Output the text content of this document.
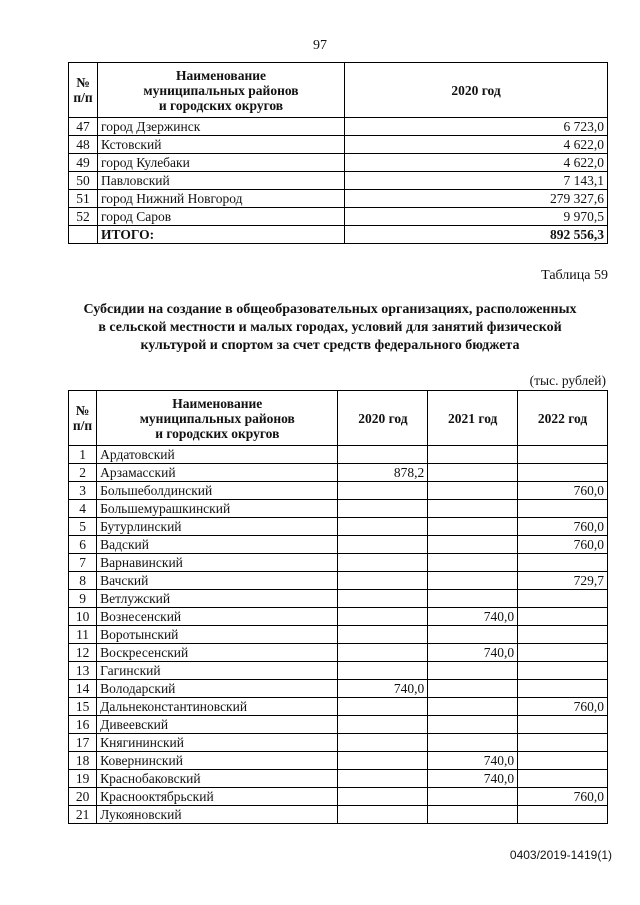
97
№
п/п	Наименование
муниципальных районов
и городских округов	2020 год
47	город Дзержинск	6 723,0
48	Кстовский	4 622,0
49	город Кулебаки	4 622,0
50	Павловский	7 143,1
51	город Нижний Новгород	279 327,6
52	город Саров	9 970,5
	ИТОГО:	892 556,3
Таблица 59
Субсидии на создание в общеобразовательных организациях, расположенных в сельской местности и малых городах, условий для занятий физической культурой и спортом за счет средств федерального бюджета
(тыс. рублей)
№
п/п	Наименование
муниципальных районов
и городских округов	2020 год	2021 год	2022 год
1	Ардатовский			
2	Арзамасский	878,2		
3	Большеболдинский			760,0
4	Большемурашкинский			
5	Бутурлинский			760,0
6	Вадский			760,0
7	Варнавинский			
8	Вачский			729,7
9	Ветлужский			
10	Вознесенский		740,0	
11	Воротынский			
12	Воскресенский		740,0	
13	Гагинский			
14	Володарский	740,0		
15	Дальнеконстантиновский			760,0
16	Дивеевский			
17	Княгининский			
18	Ковернинский		740,0	
19	Краснобаковский		740,0	
20	Краснооктябрьский			760,0
21	Лукояновский			
0403/2019-1419(1)
